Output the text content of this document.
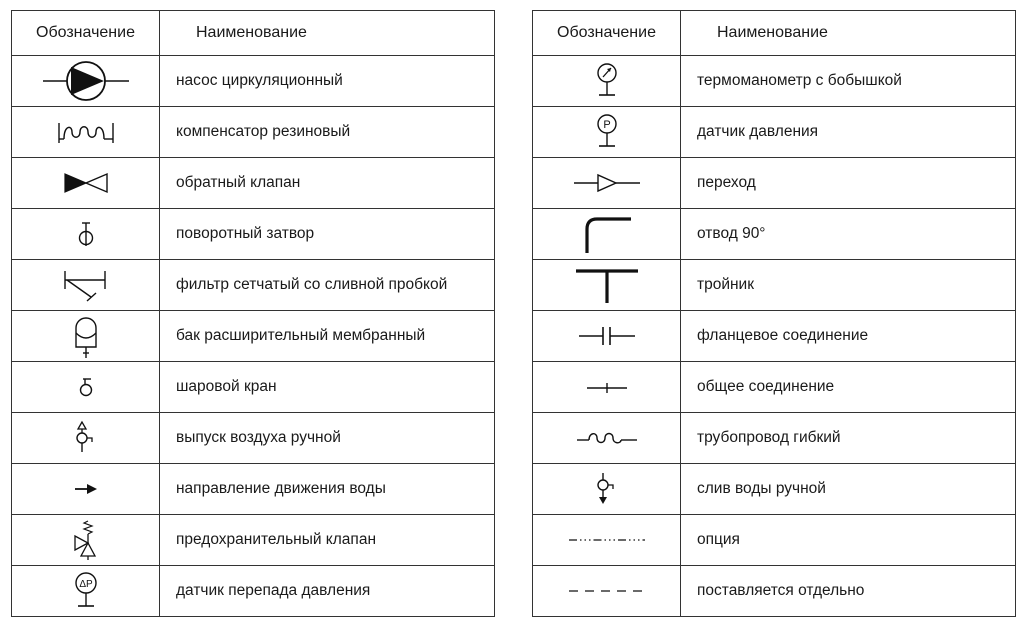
Обозначение	Наименование
	насос циркуляционный
	компенсатор резиновый
	обратный клапан
	поворотный затвор
	фильтр сетчатый со сливной пробкой
	бак расширительный мембранный
	шаровой кран
	выпуск воздуха ручной
	направление движения воды
	предохранительный клапан

ΔP	датчик перепада давления
Обозначение	Наименование
	термоманометр с бобышкой

P	датчик давления
	переход
	отвод 90°
	тройник
	фланцевое соединение
	общее соединение
	трубопровод гибкий
	слив воды ручной
	опция
	поставляется отдельно
